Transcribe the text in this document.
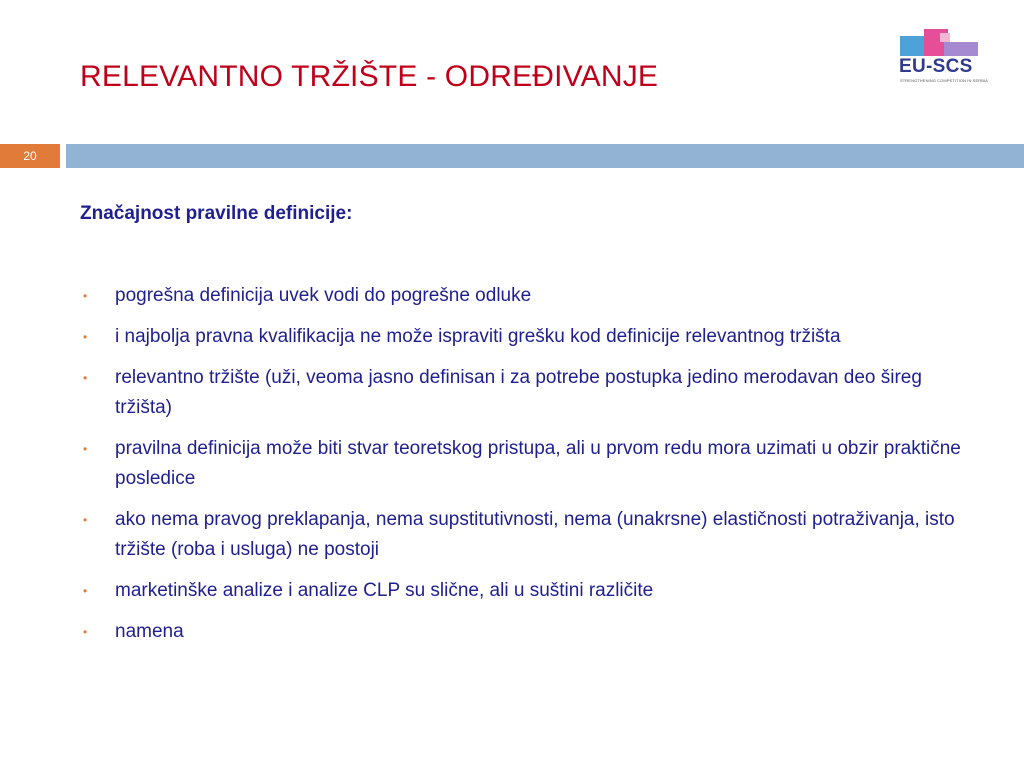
RELEVANTNO TRŽIŠTE - ODREĐIVANJE	EU-SCS
STRENGTHENING COMPETITION IN SERBIA
20
Značajnost pravilne definicije:
• pogrešna definicija uvek vodi do pogrešne odluke
• i najbolja pravna kvalifikacija ne može ispraviti grešku kod definicije relevantnog tržišta
• relevantno tržište (uži, veoma jasno definisan i za potrebe postupka jedino merodavan deo šireg tržišta)
• pravilna definicija može biti stvar teoretskog pristupa, ali u prvom redu mora uzimati u obzir praktične posledice
• ako nema pravog preklapanja, nema supstitutivnosti, nema (unakrsne) elastičnosti potraživanja, isto tržište (roba i usluga) ne postoji
• marketinške analize i analize CLP su slične, ali u suštini različite
• namena
